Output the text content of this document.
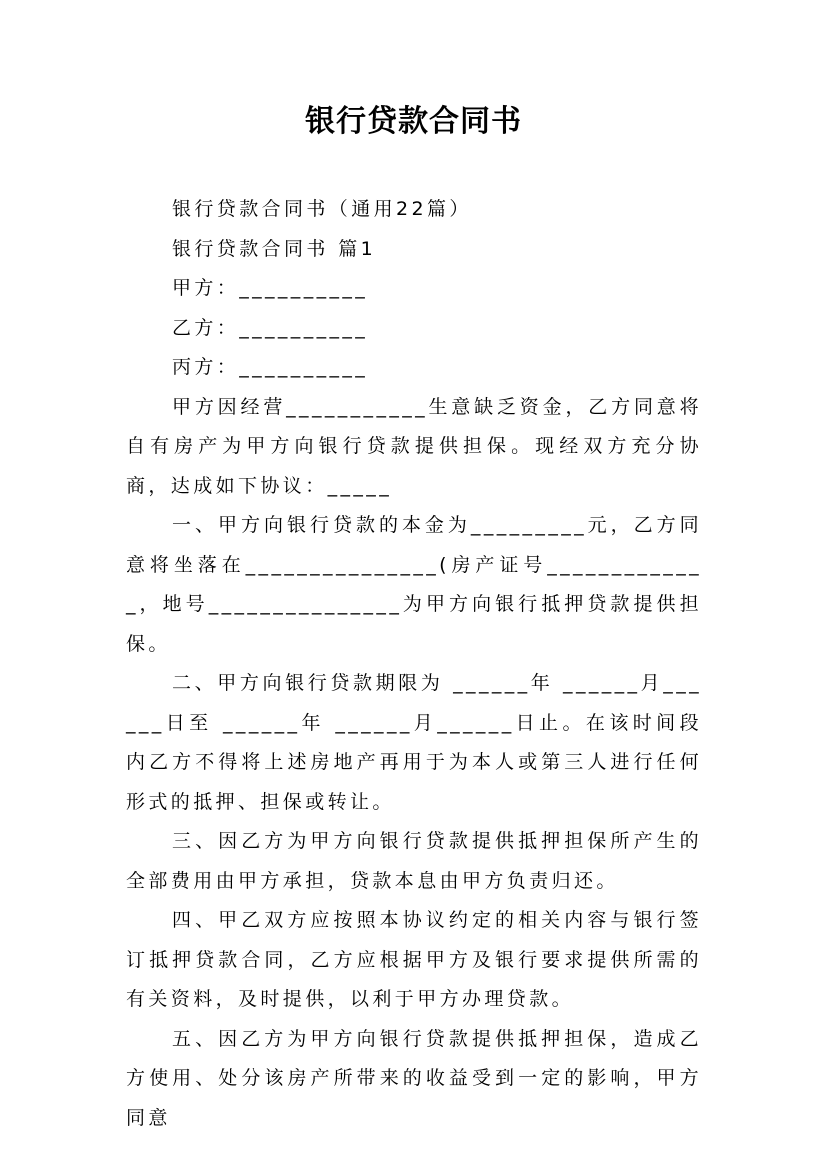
银行贷款合同书

银行贷款合同书（通用22篇）

银行贷款合同书 篇1

甲方：__________

乙方：__________

丙方：__________

甲方因经营___________生意缺乏资金，乙方同意将自有房产为甲方向银行贷款提供担保。现经双方充分协商，达成如下协议：_____

一、甲方向银行贷款的本金为_________元，乙方同意将坐落在_______________(房产证号_____________，地号_______________为甲方向银行抵押贷款提供担保。

二、甲方向银行贷款期限为 ______年 ______月______日至 ______年 ______月______日止。在该时间段内乙方不得将上述房地产再用于为本人或第三人进行任何形式的抵押、担保或转让。

三、因乙方为甲方向银行贷款提供抵押担保所产生的全部费用由甲方承担，贷款本息由甲方负责归还。

四、甲乙双方应按照本协议约定的相关内容与银行签订抵押贷款合同，乙方应根据甲方及银行要求提供所需的有关资料，及时提供，以利于甲方办理贷款。

五、因乙方为甲方向银行贷款提供抵押担保，造成乙方使用、处分该房产所带来的收益受到一定的影响，甲方同意
